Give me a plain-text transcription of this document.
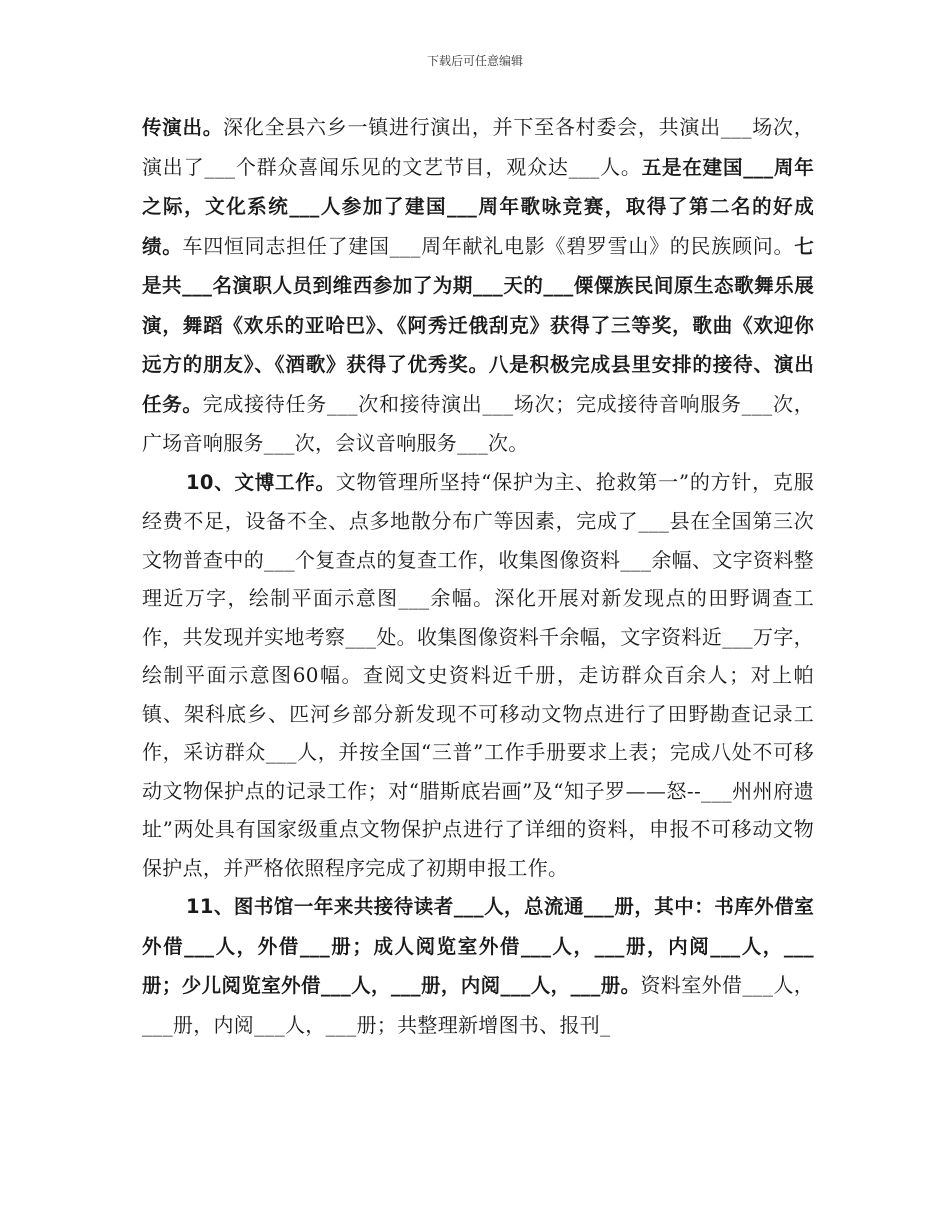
下载后可任意编辑

传演出。深化全县六乡一镇进行演出，并下至各村委会，共演出___场次，演出了___个群众喜闻乐见的文艺节目，观众达___人。五是在建国___周年之际，文化系统___人参加了建国___周年歌咏竞赛，取得了第二名的好成绩。车四恒同志担任了建国___周年献礼电影《碧罗雪山》的民族顾问。七是共___名演职人员到维西参加了为期___天的___傈僳族民间原生态歌舞乐展演，舞蹈《欢乐的亚哈巴》、《阿秀迁俄刮克》获得了三等奖，歌曲《欢迎你远方的朋友》、《酒歌》获得了优秀奖。八是积极完成县里安排的接待、演出任务。完成接待任务___次和接待演出___场次；完成接待音响服务___次，广场音响服务___次，会议音响服务___次。

10、文博工作。文物管理所坚持“保护为主、抢救第一”的方针，克服经费不足，设备不全、点多地散分布广等因素，完成了___县在全国第三次文物普查中的___个复查点的复查工作，收集图像资料___余幅、文字资料整理近万字，绘制平面示意图___余幅。深化开展对新发现点的田野调查工作，共发现并实地考察___处。收集图像资料千余幅，文字资料近___万字，绘制平面示意图60幅。查阅文史资料近千册，走访群众百余人；对上帕镇、架科底乡、匹河乡部分新发现不可移动文物点进行了田野勘查记录工作，采访群众___人，并按全国“三普”工作手册要求上表；完成八处不可移动文物保护点的记录工作；对“腊斯底岩画”及“知子罗——怒--___州州府遗址”两处具有国家级重点文物保护点进行了详细的资料，申报不可移动文物保护点，并严格依照程序完成了初期申报工作。

11、图书馆一年来共接待读者___人，总流通___册，其中：书库外借室外借___人，外借___册；成人阅览室外借___人，___册，内阅___人，___册；少儿阅览室外借___人，___册，内阅___人，___册。资料室外借___人，___册，内阅___人，___册；共整理新增图书、报刊_
